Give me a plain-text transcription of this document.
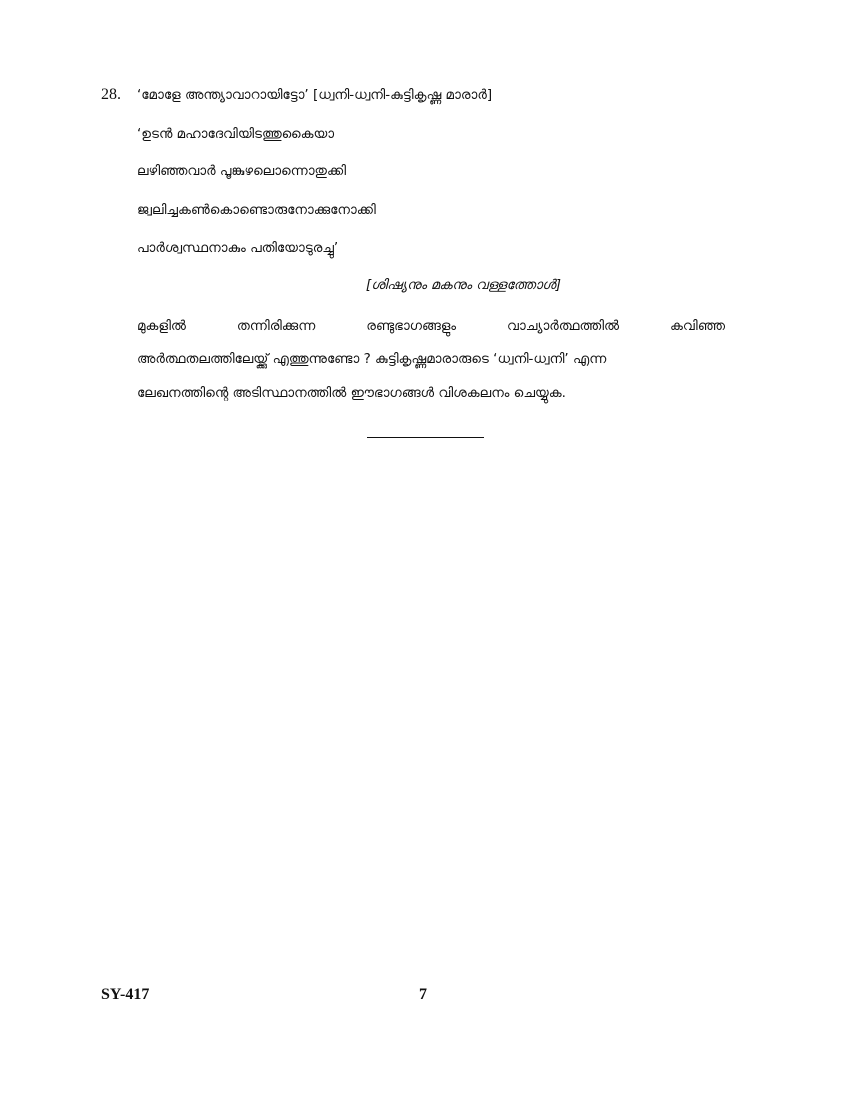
28. ‘മോളേ അന്ത്യാവാറായിട്ടോ’ [ധ്വനി-ധ്വനി-കുട്ടികൃഷ്ണ മാരാർ]
‘ഉടൻ മഹാദേവിയിടത്തുകൈയാ
ലഴിഞ്ഞവാർ പൂങ്കുഴലൊന്നൊതുക്കി
ജ്വലിച്ചകൺകൊണ്ടൊരുനോക്കുനോക്കി
പാർശ്വസ്ഥനാകും പതിയോടുരച്ചു’
[ശിഷ്യനും മകനും വള്ളത്തോൾ]
മുകളിൽ	തന്നിരിക്കുന്ന	രണ്ടുഭാഗങ്ങളും	വാച്യാർത്ഥത്തിൽ	കവിഞ്ഞ
അർത്ഥതലത്തിലേയ്ക്കു് എത്തുന്നുണ്ടോ ? കുട്ടികൃഷ്ണമാരാരുടെ ‘ധ്വനി-ധ്വനി’ എന്ന
ലേഖനത്തിന്റെ അടിസ്ഥാനത്തിൽ ഈഭാഗങ്ങൾ വിശകലനം ചെയ്യുക.
SY-417	7
